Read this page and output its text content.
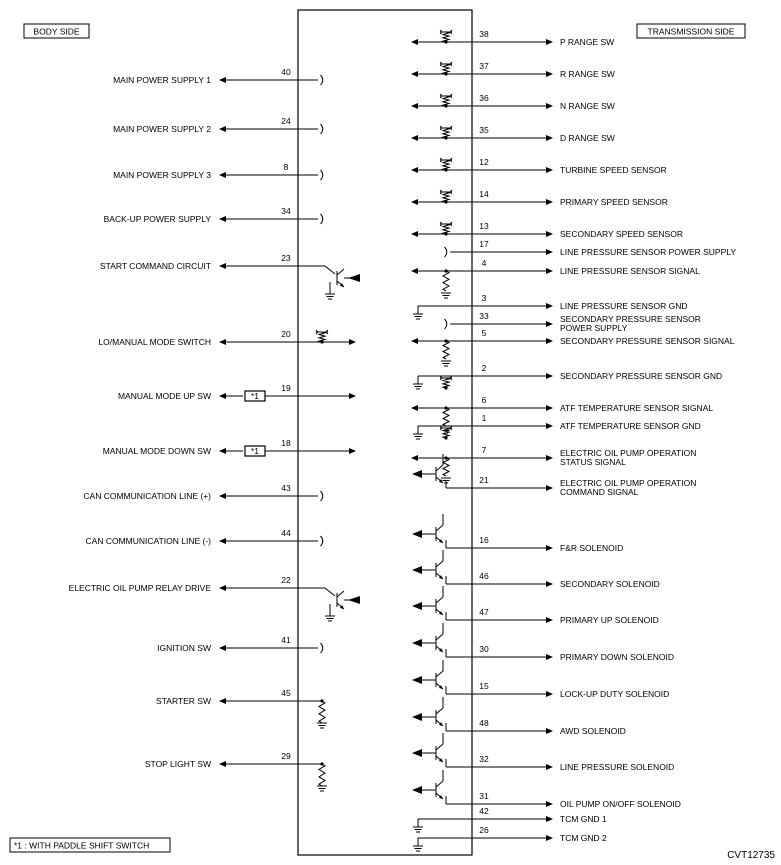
BODY SIDE	TRANSMISSION SIDE
MAIN POWER SUPPLY 1
40
MAIN POWER SUPPLY 2
24
MAIN POWER SUPPLY 3
8
BACK-UP POWER SUPPLY
34
START COMMAND CIRCUIT
23
LO/MANUAL MODE SWITCH
20
MANUAL MODE UP SW
19
*1
MANUAL MODE DOWN SW
18
*1
CAN COMMUNICATION LINE (+)
43
CAN COMMUNICATION LINE (-)
44
ELECTRIC OIL PUMP RELAY DRIVE
22
IGNITION SW
41
STARTER SW
45
STOP LIGHT SW
29
P RANGE SW
38
R RANGE SW
37
N RANGE SW
36
D RANGE SW
35
TURBINE SPEED SENSOR
12
PRIMARY SPEED SENSOR
14
SECONDARY SPEED SENSOR
13
LINE PRESSURE SENSOR POWER SUPPLY
17
LINE PRESSURE SENSOR SIGNAL
4
LINE PRESSURE SENSOR GND
3
SECONDARY PRESSURE SENSOR
POWER SUPPLY
33
SECONDARY PRESSURE SENSOR SIGNAL
5
SECONDARY PRESSURE SENSOR GND
2
ATF TEMPERATURE SENSOR SIGNAL
6
ATF TEMPERATURE SENSOR GND
1
ELECTRIC OIL PUMP OPERATION
STATUS SIGNAL
7
ELECTRIC OIL PUMP OPERATION
COMMAND SIGNAL
21
F&R SOLENOID
16
SECONDARY SOLENOID
46
PRIMARY UP SOLENOID
47
PRIMARY DOWN SOLENOID
30
LOCK-UP DUTY SOLENOID
15
AWD SOLENOID
48
LINE PRESSURE SOLENOID
32
OIL PUMP ON/OFF SOLENOID
31
TCM GND 1
42
TCM GND 2
26
*1 : WITH PADDLE SHIFT SWITCH
CVT12735
